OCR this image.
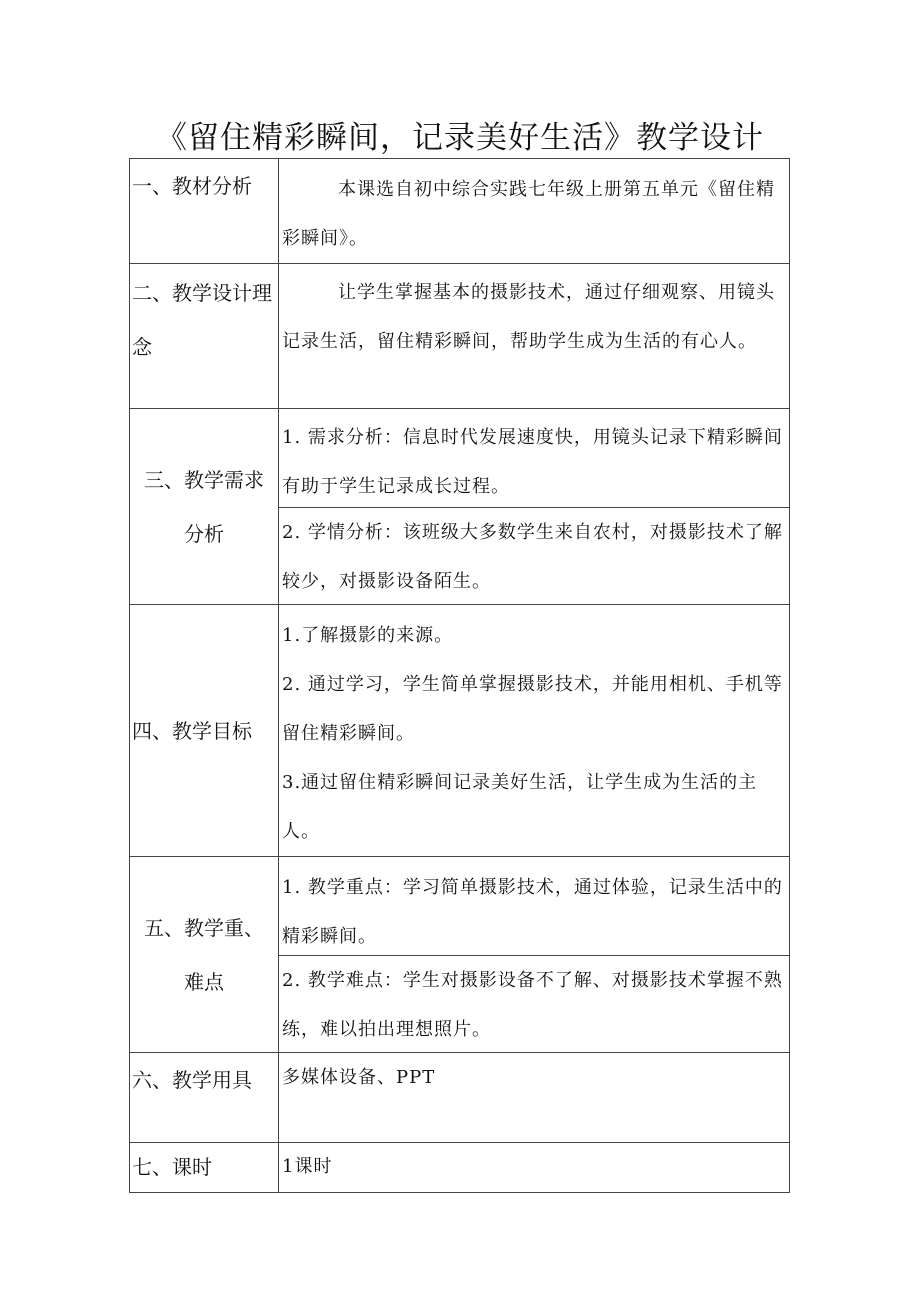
《留住精彩瞬间，记录美好生活》教学设计
一、教材分析	本课选自初中综合实践七年级上册第五单元《留住精彩瞬间》。

二、教学设计理念	让学生掌握基本的摄影技术，通过仔细观察、用镜头记录生活，留住精彩瞬间，帮助学生成为生活的有心人。

三、教学需求分析	1. 需求分析：信息时代发展速度快，用镜头记录下精彩瞬间有助于学生记录成长过程。
2. 学情分析：该班级大多数学生来自农村，对摄影技术了解较少，对摄影设备陌生。

四、教学目标	1.了解摄影的来源。
2. 通过学习，学生简单掌握摄影技术，并能用相机、手机等留住精彩瞬间。
3.通过留住精彩瞬间记录美好生活，让学生成为生活的主人。

五、教学重、难点	1. 教学重点：学习简单摄影技术，通过体验，记录生活中的精彩瞬间。
2. 教学难点：学生对摄影设备不了解、对摄影技术掌握不熟练，难以拍出理想照片。

六、教学用具	多媒体设备、PPT

七、课时	1课时
